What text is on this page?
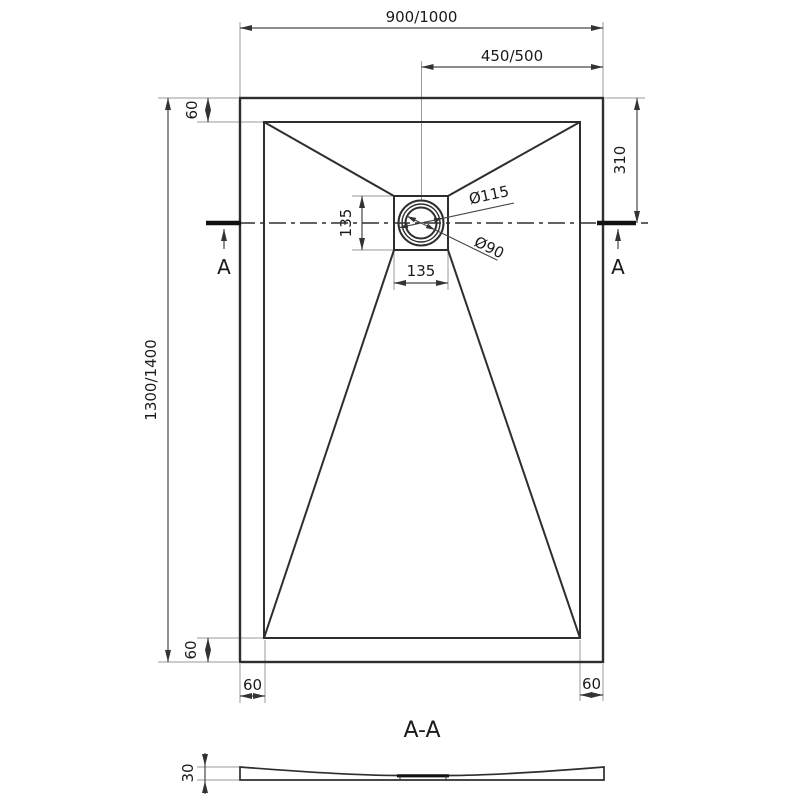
900/1000
450/500
1300/1400
60
310
135
135
60
60	60
Ø115
Ø90
A	A
A-A
30
